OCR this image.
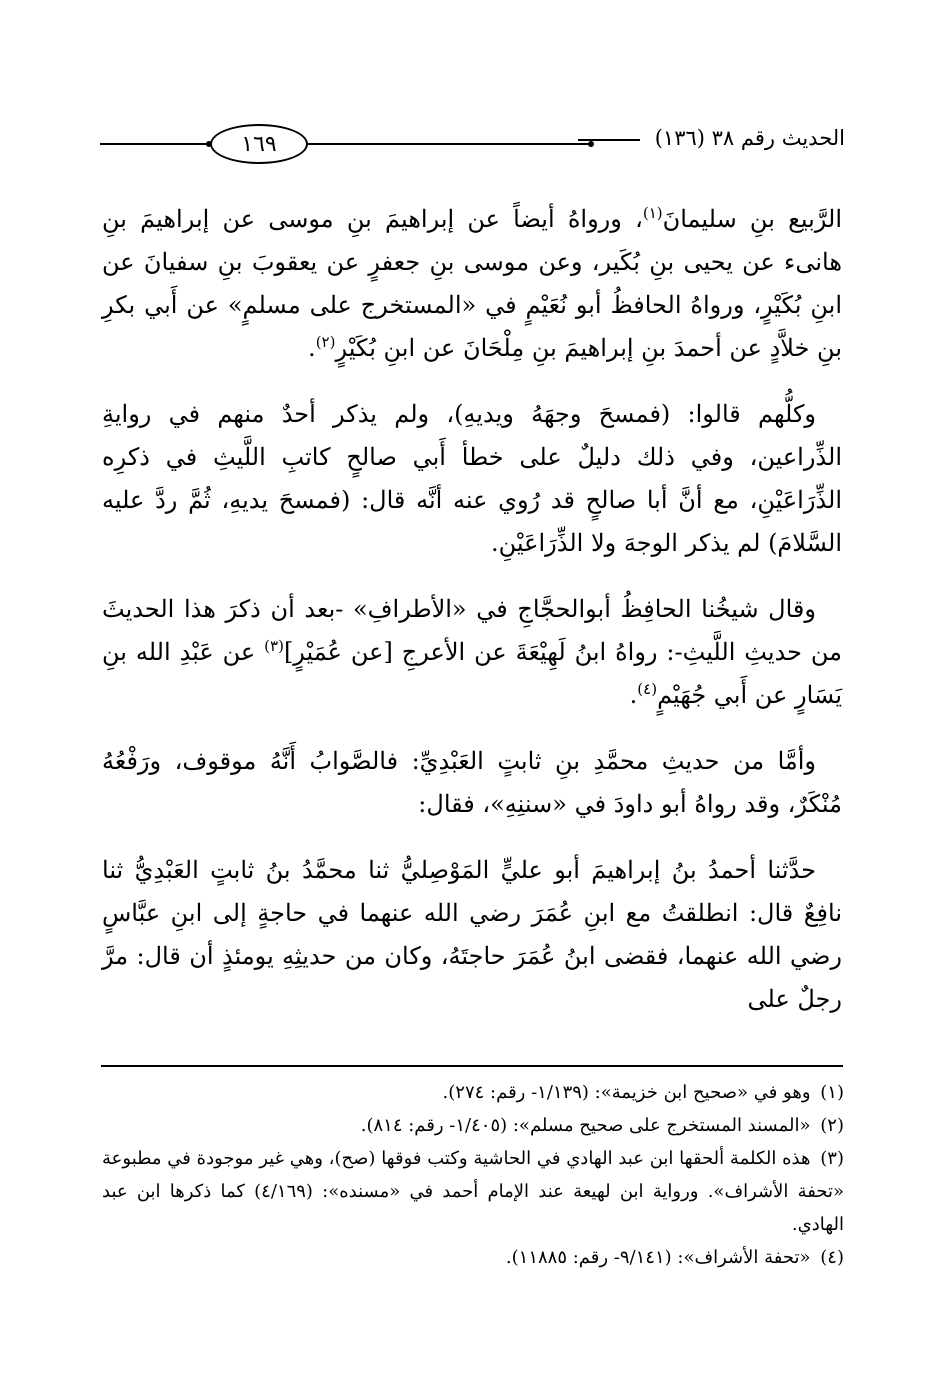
١٦٩	الحديث رقم ٣٨ (١٣٦)

الرَّبيع بنِ سليمانَ$^{(١)}$، ورواهُ أيضاً عن إبراهيمَ بنِ موسى عن إبراهيمَ بنِ هانىء عن يحيى بنِ بُكَير، وعن موسى بنِ جعفرٍ عن يعقوبَ بنِ سفيانَ عن ابنِ بُكَيْرٍ، ورواهُ الحافظُ أبو نُعَيْمٍ في «المستخرج على مسلمٍ» عن أَبي بكرِ بنِ خلاَّدٍ عن أحمدَ بنِ إبراهيمَ بنِ مِلْحَانَ عن ابنِ بُكَيْرٍ$^{(٢)}$.

وكلُّهم قالوا: (فمسحَ وجهَهُ ويديهِ)، ولم يذكر أحدٌ منهم في روايةِ الذِّراعين، وفي ذلك دليلٌ على خطأ أَبي صالحٍ كاتبِ اللَّيثِ في ذكرِه الذِّرَاعَيْنِ، مع أنَّ أبا صالحٍ قد رُوي عنه أنَّه قال: (فمسحَ يديهِ، ثُمَّ ردَّ عليه السَّلامَ) لم يذكر الوجهَ ولا الذِّرَاعَيْنِ.

وقال شيخُنا الحافِظُ أبوالحجَّاجِ في «الأطرافِ» -بعد أن ذكرَ هذا الحديثَ من حديثِ اللَّيثِ-: رواهُ ابنُ لَهِيْعَةَ عن الأعرجِ [عن عُمَيْرٍ]$^{(٣)}$ عن عَبْدِ الله بنِ يَسَارٍ عن أَبي جُهَيْمٍ$^{(٤)}$.

وأمَّا من حديثِ محمَّدِ بنِ ثابتٍ العَبْدِيِّ: فالصَّوابُ أَنَّهُ موقوف، ورَفْعُهُ مُنْكَرٌ، وقد رواهُ أبو داودَ في «سننِهِ»، فقال:

حدَّثنا أحمدُ بنُ إبراهيمَ أبو عليٍّ المَوْصِليُّ ثنا محمَّدُ بنُ ثابتٍ العَبْدِيُّ ثنا نافِعٌ قال: انطلقتُ مع ابنِ عُمَرَ رضي الله عنهما في حاجةٍ إلى ابنِ عبَّاسٍ رضي الله عنهما، فقضى ابنُ عُمَرَ حاجتَهُ، وكان من حديثِهِ يومئذٍ أن قال: مرَّ رجلٌ على

(١) وهو في «صحيح ابن خزيمة»: (١/١٣٩- رقم: ٢٧٤).

(٢) «المسند المستخرج على صحيح مسلم»: (١/٤٠٥- رقم: ٨١٤).

(٣) هذه الكلمة ألحقها ابن عبد الهادي في الحاشية وكتب فوقها (صح)، وهي غير موجودة في مطبوعة «تحفة الأشراف». ورواية ابن لهيعة عند الإمام أحمد في «مسنده»: (٤/١٦٩) كما ذكرها ابن عبد الهادي.

(٤) «تحفة الأشراف»: (٩/١٤١- رقم: ١١٨٨٥).
